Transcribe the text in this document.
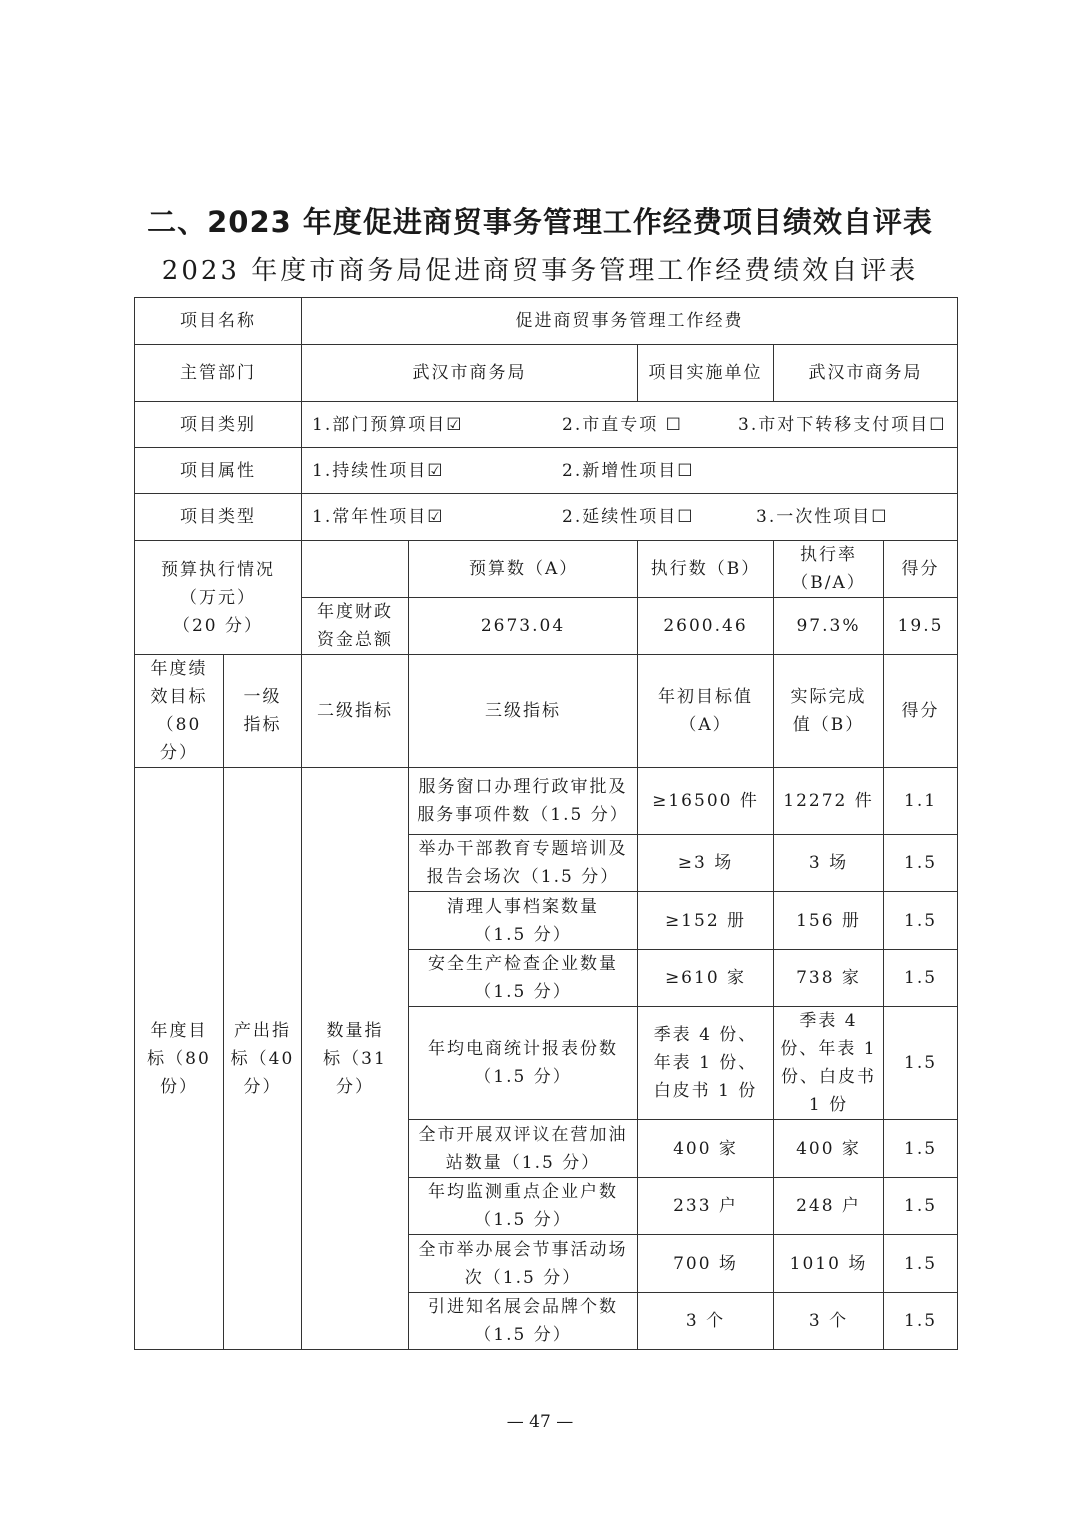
二、2023 年度促进商贸事务管理工作经费项目绩效自评表
2023 年度市商务局促进商贸事务管理工作经费绩效自评表
项目名称		促进商贸事务管理工作经费				
主管部门		武汉市商务局		项目实施单位	武汉市商务局	
项目类别		1.部门预算项目☑ 2.市直专项 ☐ 3.市对下转移支付项目☐				

项目属性		1.持续性项目☑ 2.新增性项目☐				

项目类型		1.常年性项目☑ 2.延续性项目☐ 3.一次性项目☐				

预算执行情况
（万元）
（20 分）			预算数（A）	执行数（B）	执行率（B/A）	得分
		年度财政资金总额	2673.04	2600.46	97.3%	19.5
年度绩效目标（80 分）	一级指标	二级指标	三级指标	年初目标值（A）	实际完成值（B）	得分
年度目标（80 份）	产出指标（40 分）	数量指标（31 分）	服务窗口办理行政审批及服务事项件数（1.5 分）	≥16500 件	12272 件	1.1
			举办干部教育专题培训及报告会场次（1.5 分）	≥3 场	3 场	1.5
			清理人事档案数量（1.5 分）	≥152 册	156 册	1.5
			安全生产检查企业数量（1.5 分）	≥610 家	738 家	1.5
			年均电商统计报表份数（1.5 分）	季表 4 份、年表 1 份、白皮书 1 份	季表 4 份、年表 1 份、白皮书 1 份	1.5
			全市开展双评议在营加油站数量（1.5 分）	400 家	400 家	1.5
			年均监测重点企业户数（1.5 分）	233 户	248 户	1.5
			全市举办展会节事活动场次（1.5 分）	700 场	1010 场	1.5
			引进知名展会品牌个数（1.5 分）	3 个	3 个	1.5
— 47 —
